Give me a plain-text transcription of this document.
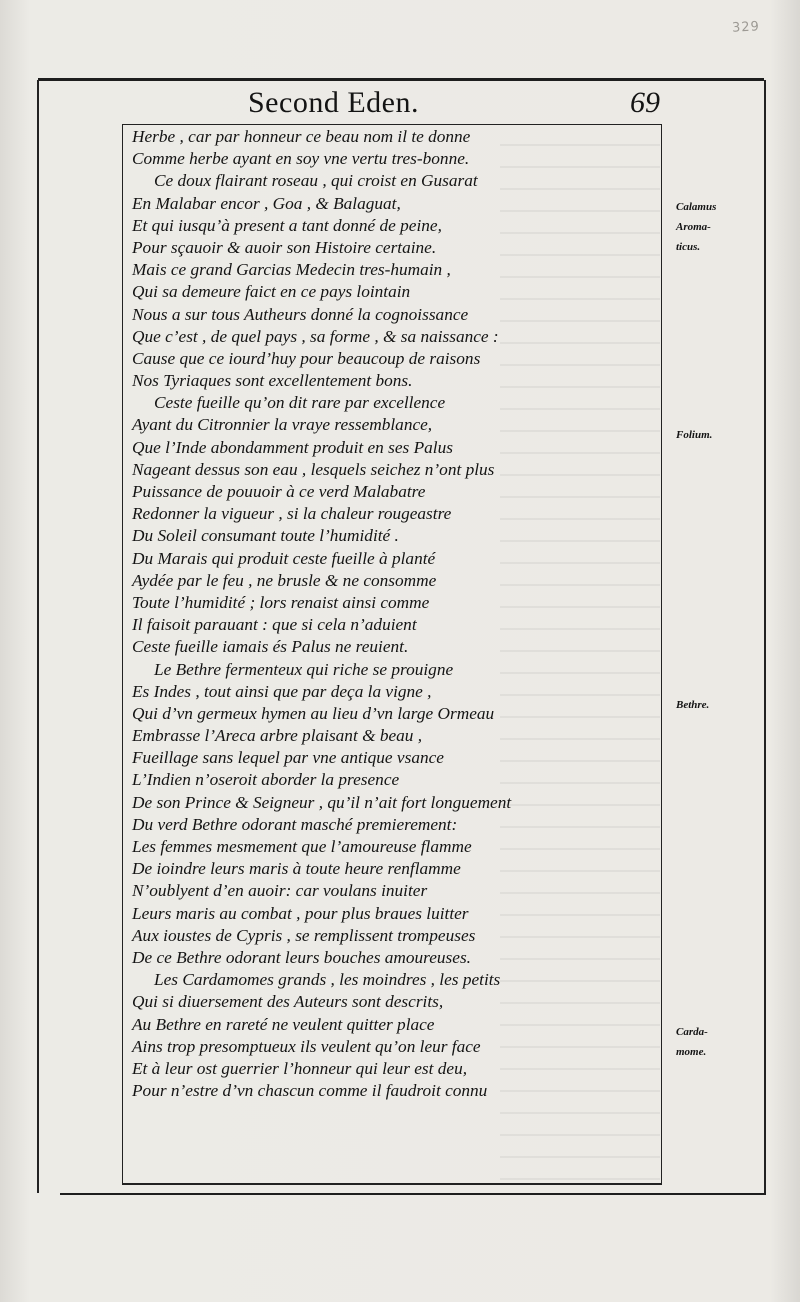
329
Second Eden.	69
Herbe , car par honneur ce beau nom il te donne
Comme herbe ayant en soy vne vertu tres-bonne.
Ce doux flairant roseau , qui croist en Gusarat
En Malabar encor , Goa , & Balaguat,
Et qui iusqu’à present a tant donné de peine,
Pour sçauoir & auoir son Histoire certaine.
Mais ce grand Garcias Medecin tres-humain ,
Qui sa demeure faict en ce pays lointain
Nous a sur tous Autheurs donné la cognoissance
Que c’est , de quel pays , sa forme , & sa naissance :
Cause que ce iourd’huy pour beaucoup de raisons
Nos Tyriaques sont excellentement bons.
Ceste fueille qu’on dit rare par excellence
Ayant du Citronnier la vrayе ressemblance,
Que l’Inde abondamment produit en ses Palus
Nageant dessus son eau , lesquels seichez n’ont plus
Puissance de pouuoir à ce verd Malabatre
Redonner la vigueur , si la chaleur rougeastre
Du Soleil consumant toute l’humidité .
Du Marais qui produit ceste fueille à planté
Aydée par le feu , ne brusle & ne consomme
Toute l’humidité ; lors renaist ainsi comme
Il faisoit parauant : que si cela n’aduient
Ceste fueille iamais és Palus ne reuient.
Le Bethre fermenteux qui riche se prouigne
Es Indes , tout ainsi que par deça la vigne ,
Qui d’vn germeux hymen au lieu d’vn large Ormeau
Embrasse l’Areca arbre plaisant & beau ,
Fueillage sans lequel par vne antique vsance
L’Indien n’oseroit aborder la presence
De son Prince & Seigneur , qu’il n’ait fort longuement
Du verd Bethre odorant masché premierement:
Les femmes mesmement que l’amoureuse flamme
De ioindre leurs maris à toute heure renflamme
N’oublyent d’en auoir: car voulans inuiter
Leurs maris au combat , pour plus braues luitter
Aux ioustes de Cypris , se remplissent trompeuses
De ce Bethre odorant leurs bouches amoureuses.
Les Cardamomes grands , les moindres , les petits
Qui si diuersement des Auteurs sont descrits,
Au Bethre en rareté ne veulent quitter place
Ains trop presomptueux ils veulent qu’on leur face
Et à leur ost guerrier l’honneur qui leur est deu,
Pour n’estre d’vn chascun comme il faudroit connu
Calamus
Aroma-
ticus.
Folium.
Bethre.
Carda-
mome.
